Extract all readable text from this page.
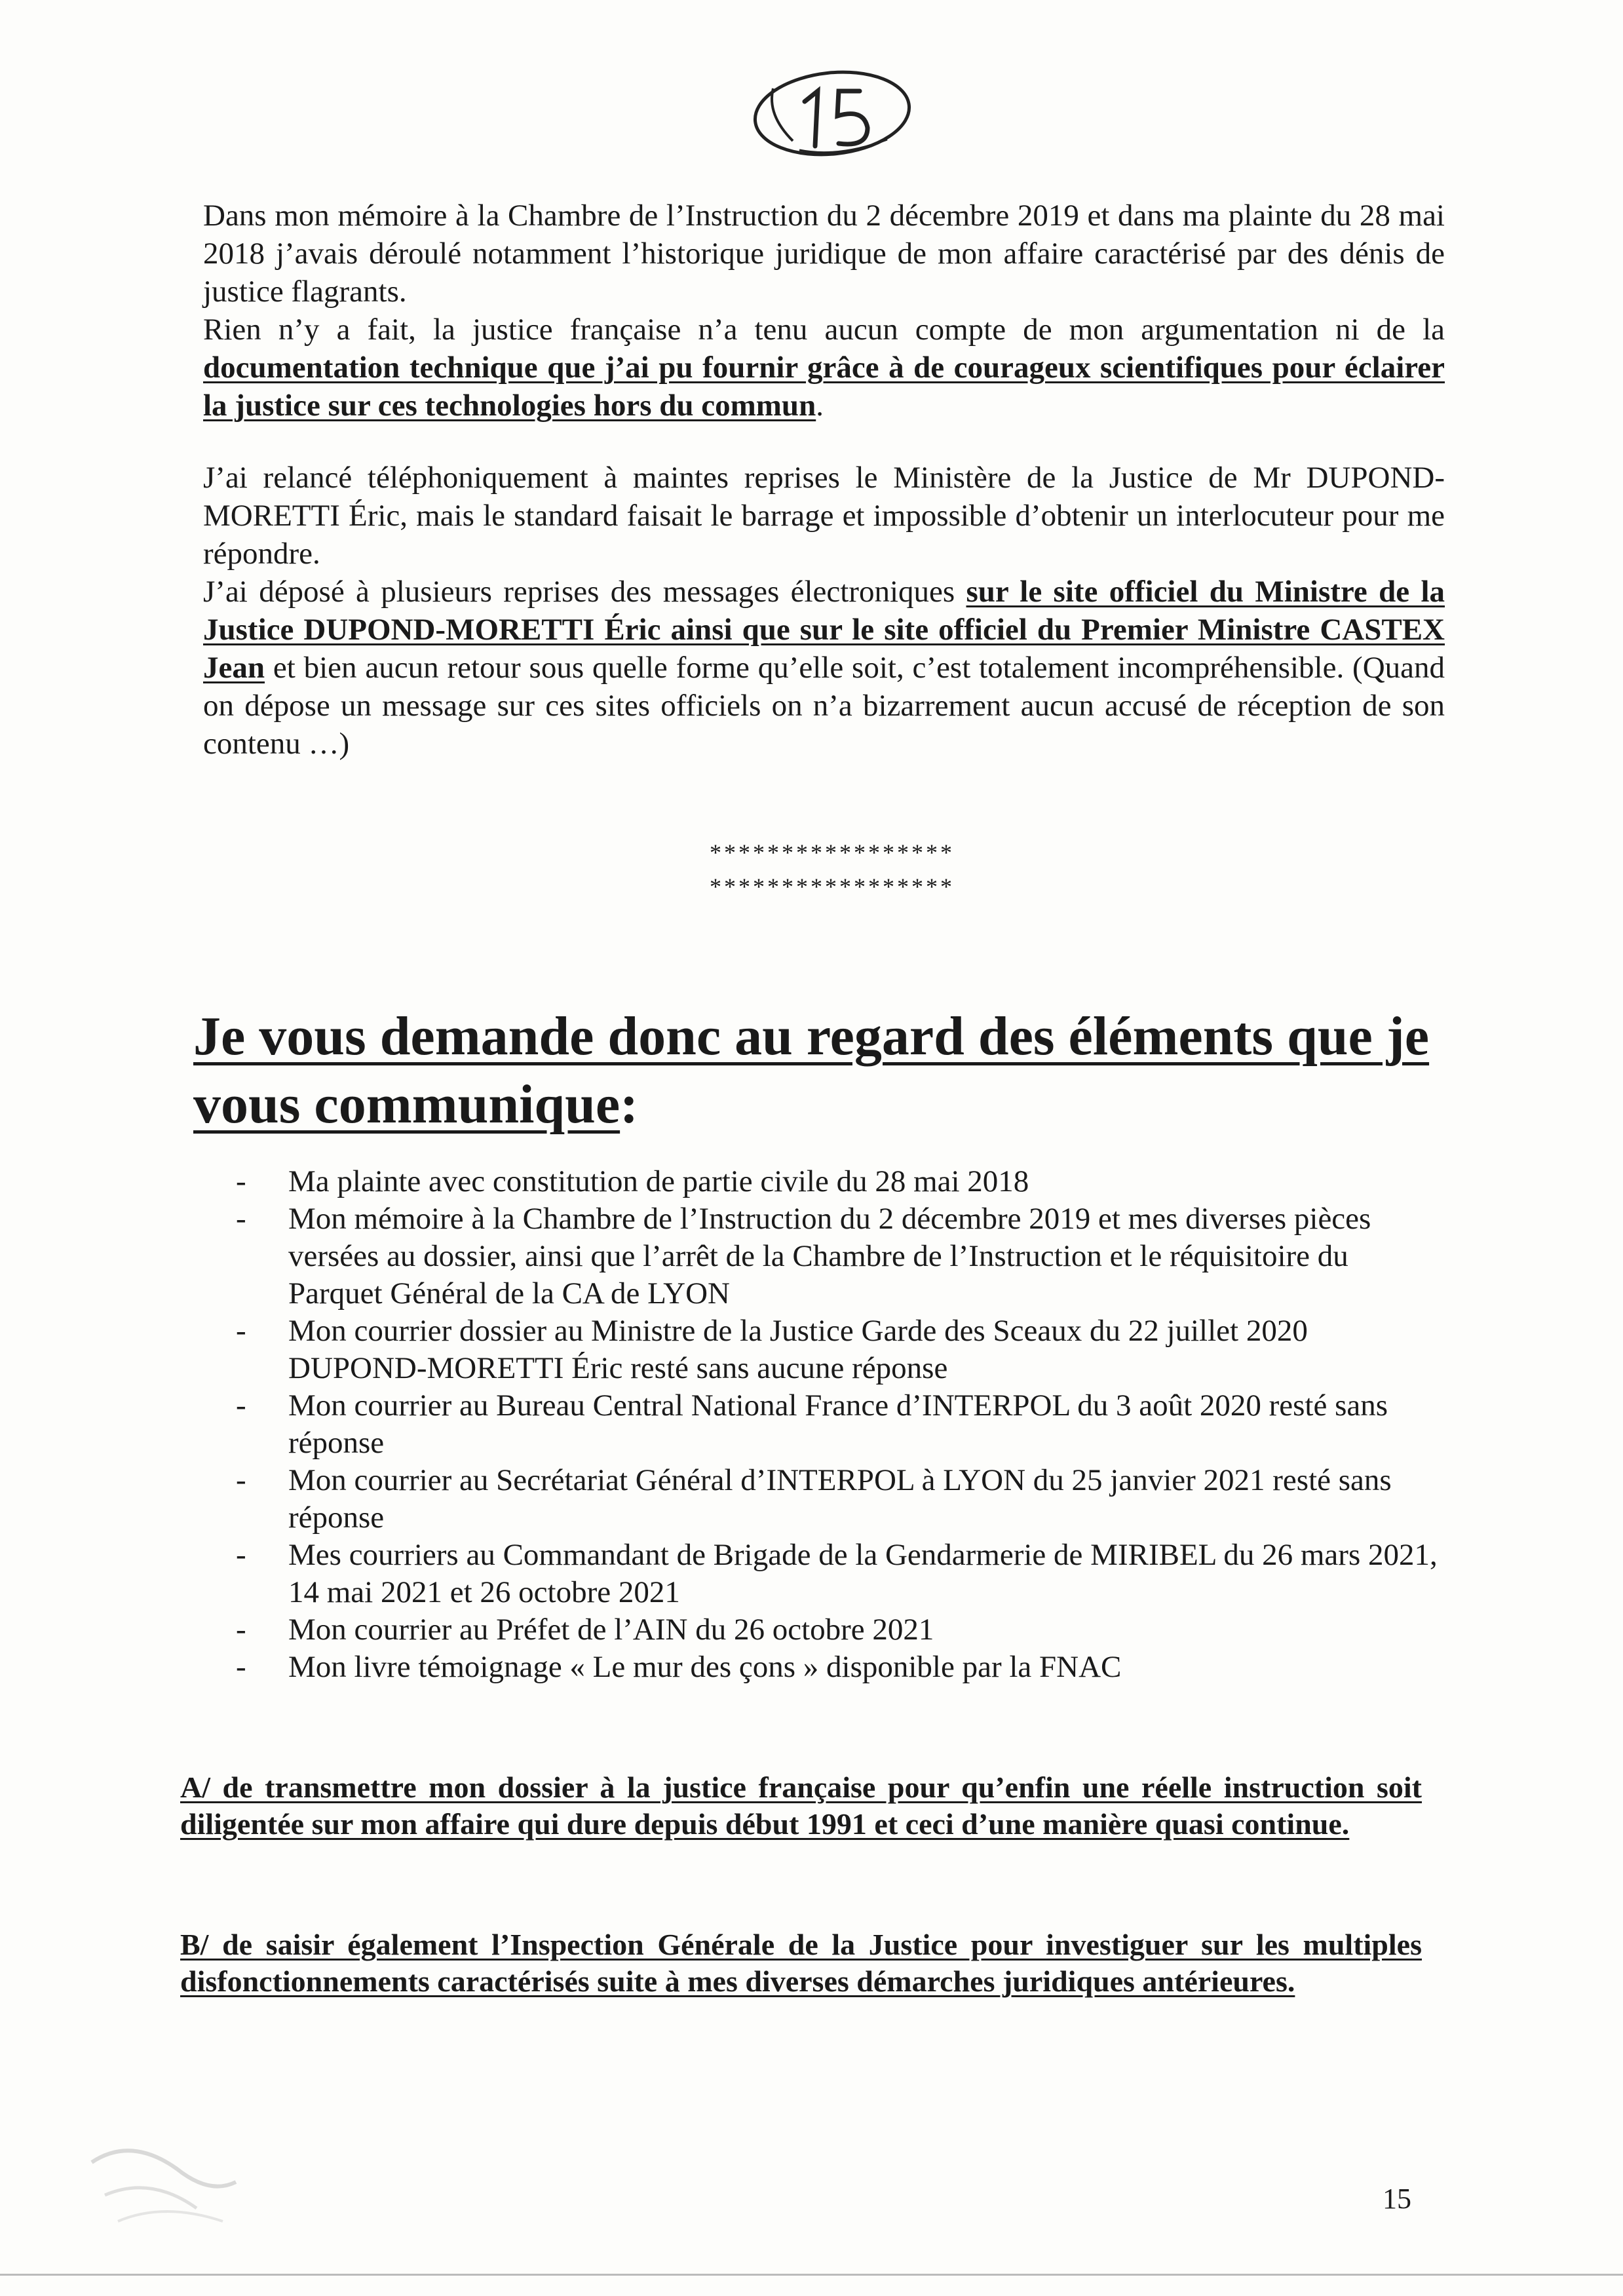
Dans mon mémoire à la Chambre de l’Instruction du 2 décembre 2019 et dans ma plainte du 28 mai 2018 j’avais déroulé notamment l’historique juridique de mon affaire caractérisé par des dénis de justice flagrants.

Rien n’y a fait, la justice française n’a tenu aucun compte de mon argumentation ni de la documentation technique que j’ai pu fournir grâce à de courageux scientifiques pour éclairer la justice sur ces technologies hors du commun.

J’ai relancé téléphoniquement à maintes reprises le Ministère de la Justice de Mr DUPOND-MORETTI Éric, mais le standard faisait le barrage et impossible d’obtenir un interlocuteur pour me répondre.

J’ai déposé à plusieurs reprises des messages électroniques sur le site officiel du Ministre de la Justice DUPOND-MORETTI Éric ainsi que sur le site officiel du Premier Ministre CASTEX Jean et bien aucun retour sous quelle forme qu’elle soit, c’est totalement incompréhensible. (Quand on dépose un message sur ces sites officiels on n’a bizarrement aucun accusé de réception de son contenu …)

*****************
*****************
Je vous demande donc au regard des éléments que je vous communique:
- Ma plainte avec constitution de partie civile du 28 mai 2018
- Mon mémoire à la Chambre de l’Instruction du 2 décembre 2019 et mes diverses pièces versées au dossier, ainsi que l’arrêt de la Chambre de l’Instruction et le réquisitoire du Parquet Général de la CA de LYON
- Mon courrier dossier au Ministre de la Justice Garde des Sceaux du 22 juillet 2020 DUPOND-MORETTI Éric resté sans aucune réponse
- Mon courrier au Bureau Central National France d’INTERPOL du 3 août 2020 resté sans réponse
- Mon courrier au Secrétariat Général d’INTERPOL à LYON du 25 janvier 2021 resté sans réponse
- Mes courriers au Commandant de Brigade de la Gendarmerie de MIRIBEL du 26 mars 2021, 14 mai 2021 et 26 octobre 2021
- Mon courrier au Préfet de l’AIN du 26 octobre 2021
- Mon livre témoignage « Le mur des çons » disponible par la FNAC
A/ de transmettre mon dossier à la justice française pour qu’enfin une réelle instruction soit diligentée sur mon affaire qui dure depuis début 1991 et ceci d’une manière quasi continue.
B/ de saisir également l’Inspection Générale de la Justice pour investiguer sur les multiples disfonctionnements caractérisés suite à mes diverses démarches juridiques antérieures.
15
